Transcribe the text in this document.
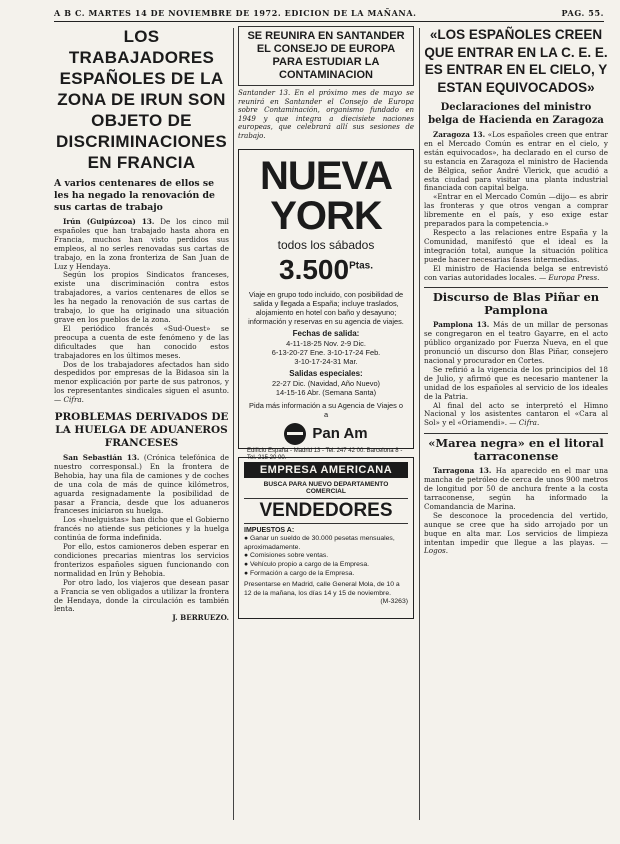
A B C. MARTES 14 DE NOVIEMBRE DE 1972. EDICION DE LA MAÑANA.	PAG. 55.
LOS TRABAJADORES ESPAÑOLES DE LA ZONA DE IRUN SON OBJETO DE DISCRIMINACIONES EN FRANCIA
A varios centenares de ellos se les ha negado la renovación de sus cartas de trabajo

Irún (Guipúzcoa) 13. De los cinco mil españoles que han trabajado hasta ahora en Francia, muchos han visto perdidos sus empleos, al no serles renovadas sus cartas de trabajo, en la zona fronteriza de San Juan de Luz y Hendaya.

Según los propios Sindicatos franceses, existe una discriminación contra estos trabajadores, a varios centenares de ellos se les ha negado la renovación de sus cartas de trabajo, lo que ha originado una situación grave en los pueblos de la zona.

El periódico francés «Sud-Ouest» se preocupa a cuenta de este fenómeno y de las dificultades que han conocido estos trabajadores en los últimos meses.

Dos de los trabajadores afectados han sido despedidos por empresas de la Bidasoa sin la menor explicación por parte de sus patronos, y los representantes sindicales siguen el asunto. — Cifra.

PROBLEMAS DERIVADOS DE LA HUELGA DE ADUANEROS FRANCESES

San Sebastián 13. (Crónica telefónica de nuestro corresponsal.) En la frontera de Behobia, hay una fila de camiones y de coches de una cola de más de quince kilómetros, aguarda resignadamente la posibilidad de pasar a Francia, desde que los aduaneros franceses iniciaron su huelga.

Los «huelguistas» han dicho que el Gobierno francés no atiende sus peticiones y la huelga continúa de forma indefinida.

Por ello, estos camioneros deben esperar en condiciones precarias mientras los servicios fronterizos españoles siguen funcionando con normalidad en Irún y Behobia.

Por otro lado, los viajeros que desean pasar a Francia se ven obligados a utilizar la frontera de Hendaya, donde la circulación es también lenta.

J. BERRUEZO.

SE REUNIRA EN SANTANDER EL CONSEJO DE EUROPA PARA ESTUDIAR LA CONTAMINACION
Santander 13. En el próximo mes de mayo se reunirá en Santander el Consejo de Europa sobre Contaminación, organismo fundado en 1949 y que integra a diecisiete naciones europeas, que celebrará allí sus sesiones de trabajo.
NUEVA
YORK
todos los sábados
$3.500^{Ptas.}$
Viaje en grupo todo incluido, con posibilidad de salida y llegada a España; incluye traslados, alojamiento en hotel con baño y desayuno; información y reservas en su agencia de viajes.
Fechas de salida:
4-11-18-25 Nov. 2-9 Dic.
6-13-20-27 Ene. 3-10-17-24 Feb.
3-10-17-24-31 Mar.
Salidas especiales:
22-27 Dic. (Navidad, Año Nuevo)
14-15-16 Abr. (Semana Santa)
Pida más información a su Agencia de Viajes o a
Pan Am
Edificio España - Madrid 13 - Tel. 247 42 00. Barcelona 8 - Tel. 215 20 00.
EMPRESA AMERICANA
BUSCA PARA NUEVO DEPARTAMENTO COMERCIAL
VENDEDORES
IMPUESTOS A:
● Ganar un sueldo de 30.000 pesetas mensuales, aproximadamente.
● Comisiones sobre ventas.
● Vehículo propio a cargo de la Empresa.
● Formación a cargo de la Empresa.
Presentarse en Madrid, calle General Mola, de 10 a 12 de la mañana, los días 14 y 15 de noviembre.
(M-3263)
«LOS ESPAÑOLES CREEN QUE ENTRAR EN LA C. E. E. ES ENTRAR EN EL CIELO, Y ESTAN EQUIVOCADOS»
Declaraciones del ministro belga de Hacienda en Zaragoza

Zaragoza 13. «Los españoles creen que entrar en el Mercado Común es entrar en el cielo, y están equivocados», ha declarado en el curso de su estancia en Zaragoza el ministro de Hacienda de Bélgica, señor André Vlerick, que acudió a esta ciudad para visitar una planta industrial financiada con capital belga.

«Entrar en el Mercado Común —dijo— es abrir las fronteras y que otros vengan a comprar libremente en el país, y eso exige estar preparados para la competencia.»

Respecto a las relaciones entre España y la Comunidad, manifestó que el ideal es la integración total, aunque la situación política puede hacer necesarias fases intermedias.

El ministro de Hacienda belga se entrevistó con varias autoridades locales. — Europa Press.

Discurso de Blas Piñar en Pamplona

Pamplona 13. Más de un millar de personas se congregaron en el teatro Gayarre, en el acto público organizado por Fuerza Nueva, en el que pronunció un discurso don Blas Piñar, consejero nacional y procurador en Cortes.

Se refirió a la vigencia de los principios del 18 de Julio, y afirmó que es necesario mantener la unidad de los españoles al servicio de los ideales de la Patria.

Al final del acto se interpretó el Himno Nacional y los asistentes cantaron el «Cara al Sol» y el «Oriamendi». — Cifra.

«Marea negra» en el litoral tarraconense

Tarragona 13. Ha aparecido en el mar una mancha de petróleo de cerca de unos 900 metros de longitud por 50 de anchura frente a la costa tarraconense, según ha informado la Comandancia de Marina.

Se desconoce la procedencia del vertido, aunque se cree que ha sido arrojado por un buque en alta mar. Los servicios de limpieza intentan impedir que llegue a las playas. — Logos.
